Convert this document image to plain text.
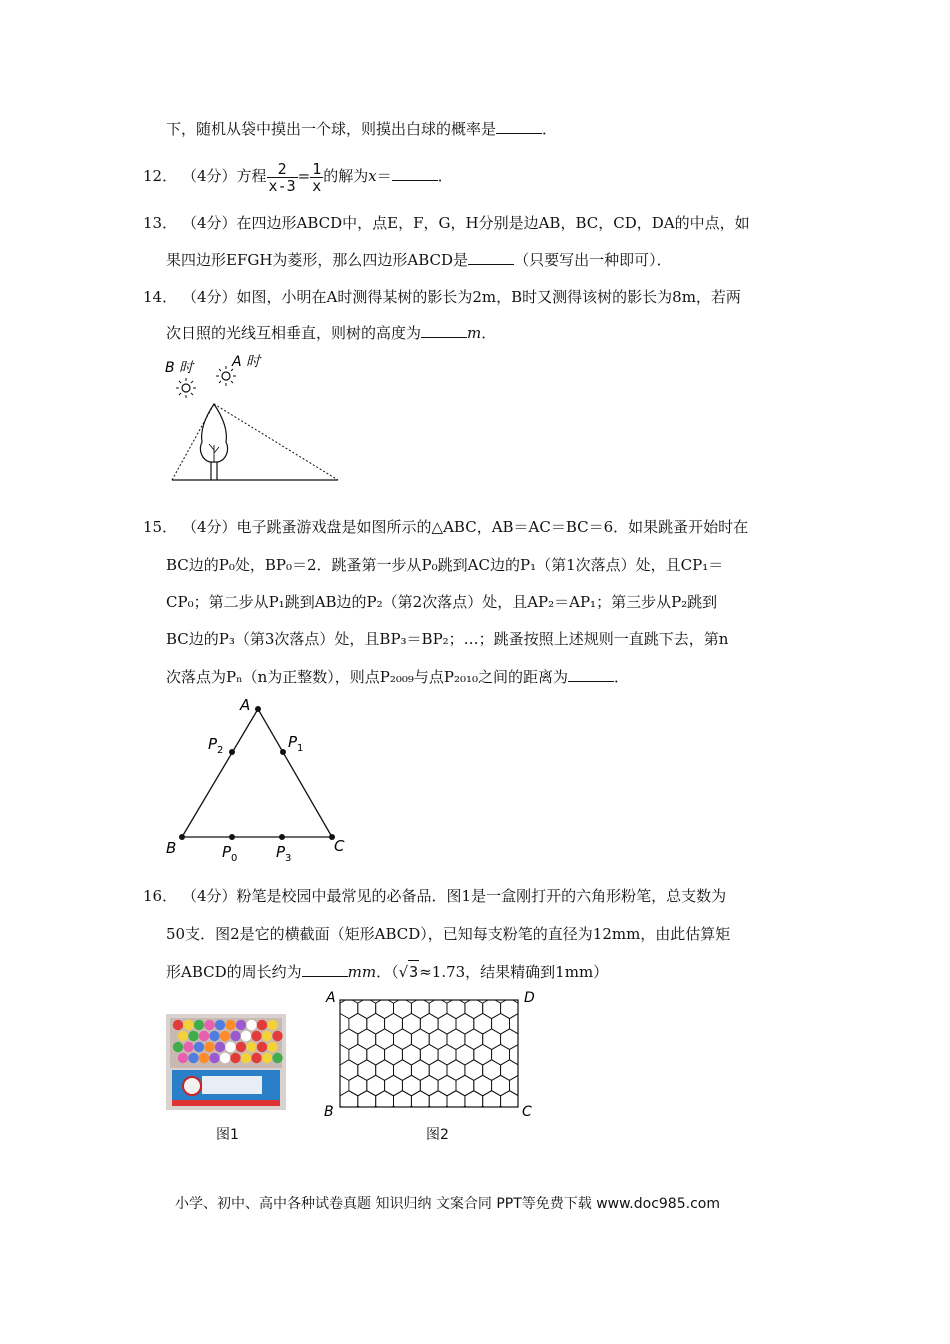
下，随机从袋中摸出一个球，则摸出白球的概率是	．
12． （4分）方程 $\frac{2}{x-3} = \frac{1}{x}$ 的解为x＝	．
13． （4分）在四边形ABCD中，点E，F，G，H分别是边AB，BC，CD，DA的中点，如
果四边形EFGH为菱形，那么四边形ABCD是	（只要写出一种即可）．
14． （4分）如图，小明在A时测得某树的影长为2m，B时又测得该树的影长为8m，若两
次日照的光线互相垂直，则树的高度为	m．
B 时	A 时
15． （4分）电子跳蚤游戏盘是如图所示的△ABC，AB＝AC＝BC＝6．如果跳蚤开始时在
BC边的P₀处，BP₀＝2．跳蚤第一步从P₀跳到AC边的P₁（第1次落点）处，且CP₁＝
CP₀；第二步从P₁跳到AB边的P₂（第2次落点）处，且AP₂＝AP₁；第三步从P₂跳到
BC边的P₃（第3次落点）处，且BP₃＝BP₂；…；跳蚤按照上述规则一直跳下去，第n
次落点为Pₙ（n为正整数），则点P₂₀₀₉与点P₂₀₁₀之间的距离为	．
A
B	C
$P_2$	$P_1$
$P_0$	$P_3$
16． （4分）粉笔是校园中最常见的必备品．图1是一盒刚打开的六角形粉笔，总支数为
50支．图2是它的横截面（矩形ABCD），已知每支粉笔的直径为12mm，由此估算矩
形ABCD的周长约为	mm．（√3≈1.73，结果精确到1mm）
图1
A	D
B	C
图2
小学、初中、高中各种试卷真题 知识归纳 文案合同 PPT等免费下载 www.doc985.com
